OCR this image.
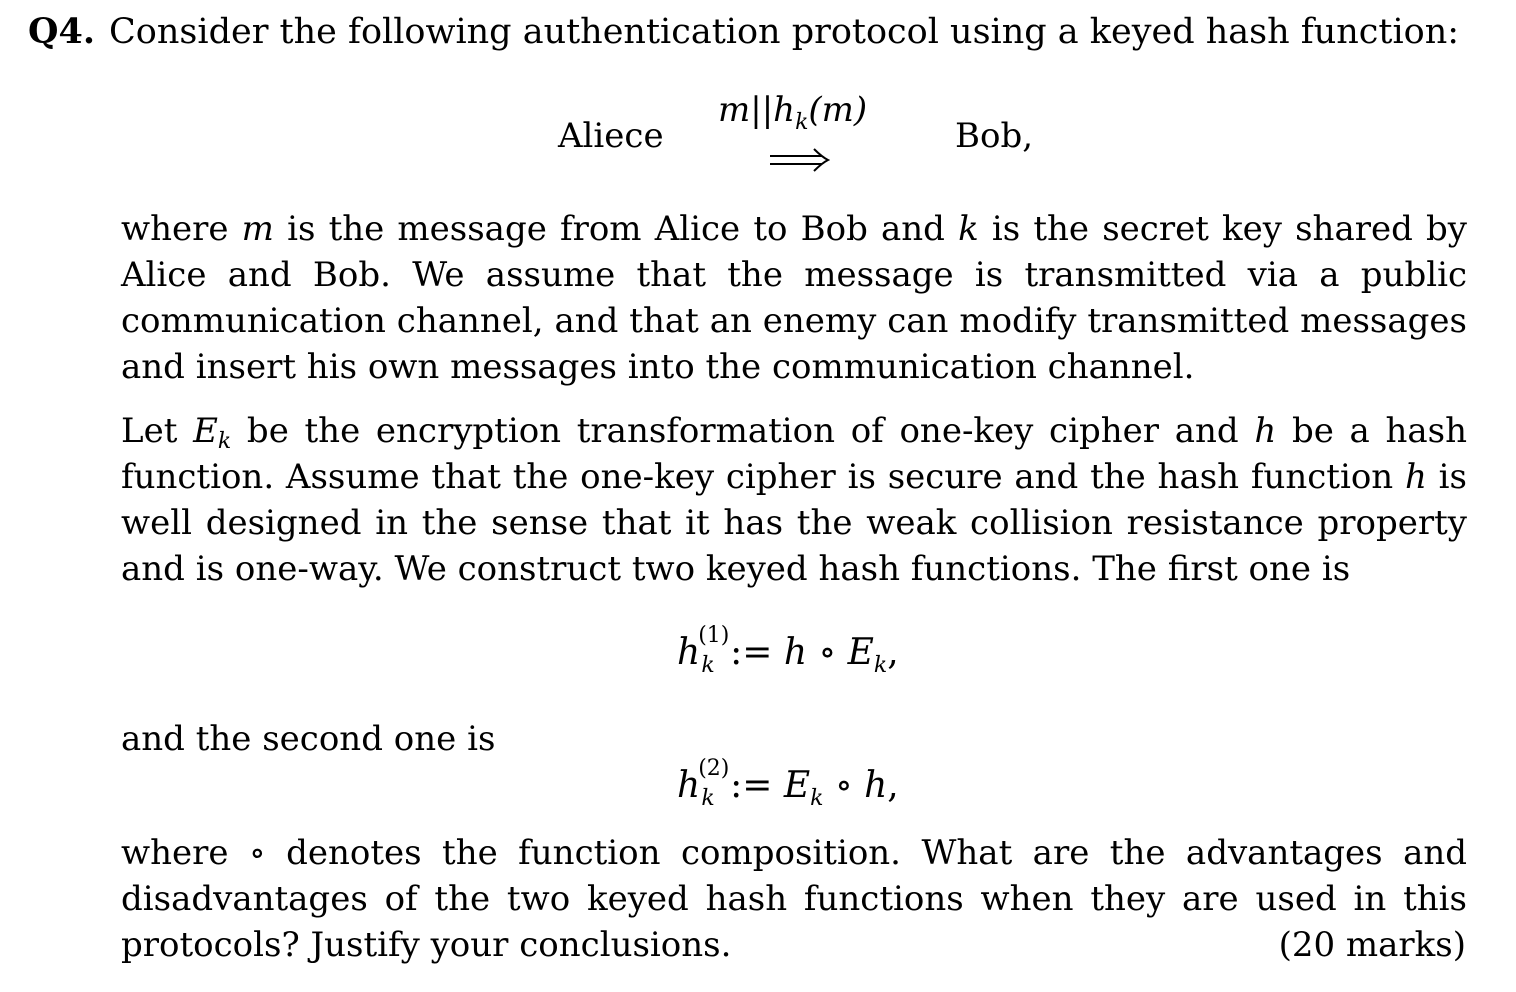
Q4. Consider the following authentication protocol using a keyed hash function:
Aliece
$m||h_k(m)$
Bob,
where m is the message from Alice to Bob and k is the secret key shared by Alice and Bob. We assume that the message is transmitted via a public communication channel, and that an enemy can modify transmitted messages and insert his own messages into the communication channel.
Let $E_k$ be the encryption transformation of one-key cipher and h be a hash function. Assume that the one-key cipher is secure and the hash function h is well designed in the sense that it has the weak collision resistance property and is one-way. We construct two keyed hash functions. The first one is
$h^{(1)}_k$ := h ∘ $E_k$,
and the second one is
$h^{(2)}_k$ := $E_k$ ∘ h,
where ∘ denotes the function composition. What are the advantages and disadvantages of the two keyed hash functions when they are used in this protocols? Justify your conclusions.	(20 marks)
